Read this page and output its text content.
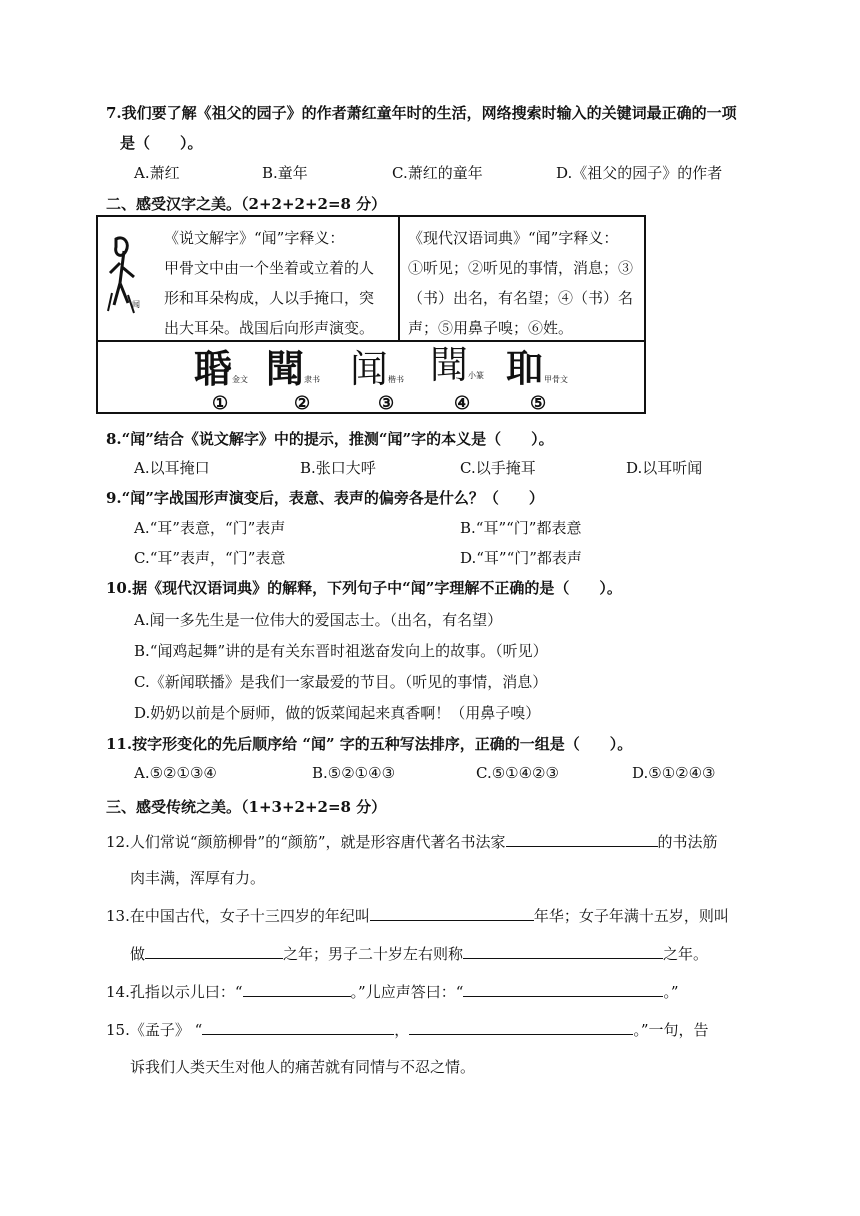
7.我们要了解《祖父的园子》的作者萧红童年时的生活，网络搜索时输入的关键词最正确的一项
是（　　）。
A.萧红	B.童年	C.萧红的童年	D.《祖父的园子》的作者
二、感受汉字之美。（2+2+2+2=8 分）
闻
《说文解字》“闻”字释义：
甲骨文中由一个坐着或立着的人
形和耳朵构成，人以手掩口，突
出大耳朵。战国后向形声演变。
《现代汉语词典》“闻”字释义：
①听见；②听见的事情，消息；③
（书）出名，有名望；④（书）名
声；⑤用鼻子嗅；⑥姓。
䎽金文
①
聞隶书
②
闻楷书
③
聞小篆
④
𦔻甲骨文
⑤
8.“闻”结合《说文解字》中的提示，推测“闻”字的本义是（　　）。
A.以耳掩口	B.张口大呼	C.以手掩耳	D.以耳听闻
9.“闻”字战国形声演变后，表意、表声的偏旁各是什么？（　　）
A.“耳”表意，“门”表声	B.“耳”“门”都表意
C.“耳”表声，“门”表意	D.“耳”“门”都表声
10.据《现代汉语词典》的解释，下列句子中“闻”字理解不正确的是（　　）。
A.闻一多先生是一位伟大的爱国志士。（出名，有名望）
B.“闻鸡起舞”讲的是有关东晋时祖逖奋发向上的故事。（听见）
C.《新闻联播》是我们一家最爱的节目。（听见的事情，消息）
D.奶奶以前是个厨师，做的饭菜闻起来真香啊！（用鼻子嗅）
11.按字形变化的先后顺序给 “闻” 字的五种写法排序，正确的一组是（　　）。
A.⑤②①③④	B.⑤②①④③	C.⑤①④②③	D.⑤①②④③
三、感受传统之美。（1+3+2+2=8 分）
12.人们常说“颜筋柳骨”的“颜筋”，就是形容唐代著名书法家	的书法筋
肉丰满，浑厚有力。
13.在中国古代，女子十三四岁的年纪叫	年华；女子年满十五岁，则叫
做	之年；男子二十岁左右则称	之年。
14.孔指以示儿曰：“	。”儿应声答曰：“	。”
15.《孟子》 “	，	。”一句，告
诉我们人类天生对他人的痛苦就有同情与不忍之情。
